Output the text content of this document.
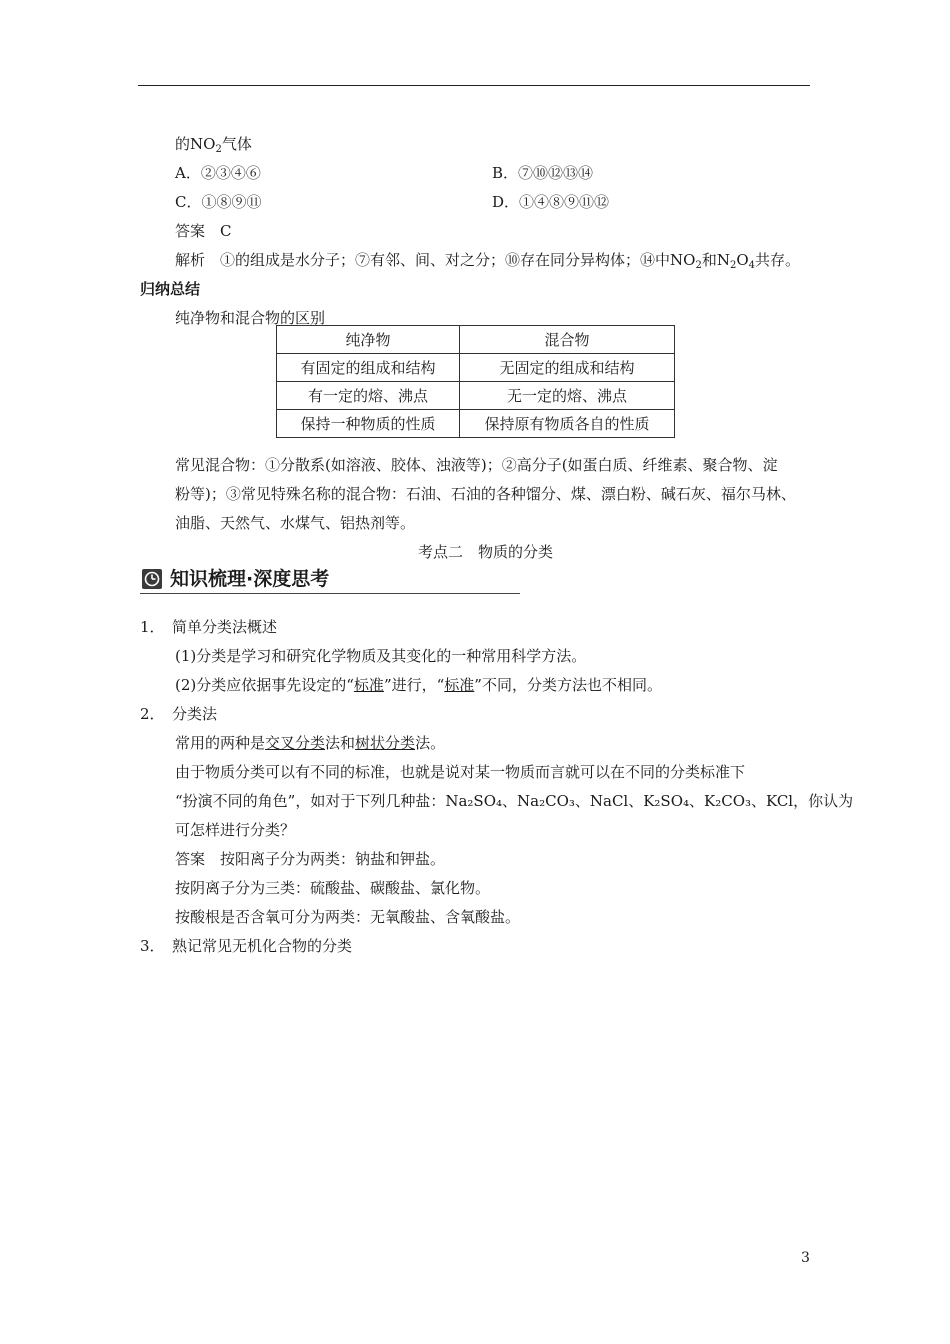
的$NO_2$气体
A．②③④⑥	B．⑦⑩⑫⑬⑭
C．①⑧⑨⑪	D．①④⑧⑨⑪⑫
答案　C
解析　①的组成是水分子；⑦有邻、间、对之分；⑩存在同分异构体；⑭中$NO_2$和$N_2O_4$共存。
归纳总结
纯净物和混合物的区别
纯净物	混合物
有固定的组成和结构	无固定的组成和结构
有一定的熔、沸点	无一定的熔、沸点
保持一种物质的性质	保持原有物质各自的性质
常见混合物：①分散系(如溶液、胶体、浊液等)；②高分子(如蛋白质、纤维素、聚合物、淀
粉等)；③常见特殊名称的混合物：石油、石油的各种馏分、煤、漂白粉、碱石灰、福尔马林、
油脂、天然气、水煤气、铝热剂等。
考点二　物质的分类
知识梳理·深度思考
1．　简单分类法概述
(1)分类是学习和研究化学物质及其变化的一种常用科学方法。
(2)分类应依据事先设定的“标准”进行，“标准”不同，分类方法也不相同。
2．　分类法
常用的两种是交叉分类法和树状分类法。
由于物质分类可以有不同的标准，也就是说对某一物质而言就可以在不同的分类标准下
“扮演不同的角色”，如对于下列几种盐：Na₂SO₄、Na₂CO₃、NaCl、K₂SO₄、K₂CO₃、KCl，你认为
可怎样进行分类？
答案　按阳离子分为两类：钠盐和钾盐。
按阴离子分为三类：硫酸盐、碳酸盐、氯化物。
按酸根是否含氧可分为两类：无氧酸盐、含氧酸盐。
3．　熟记常见无机化合物的分类
3
